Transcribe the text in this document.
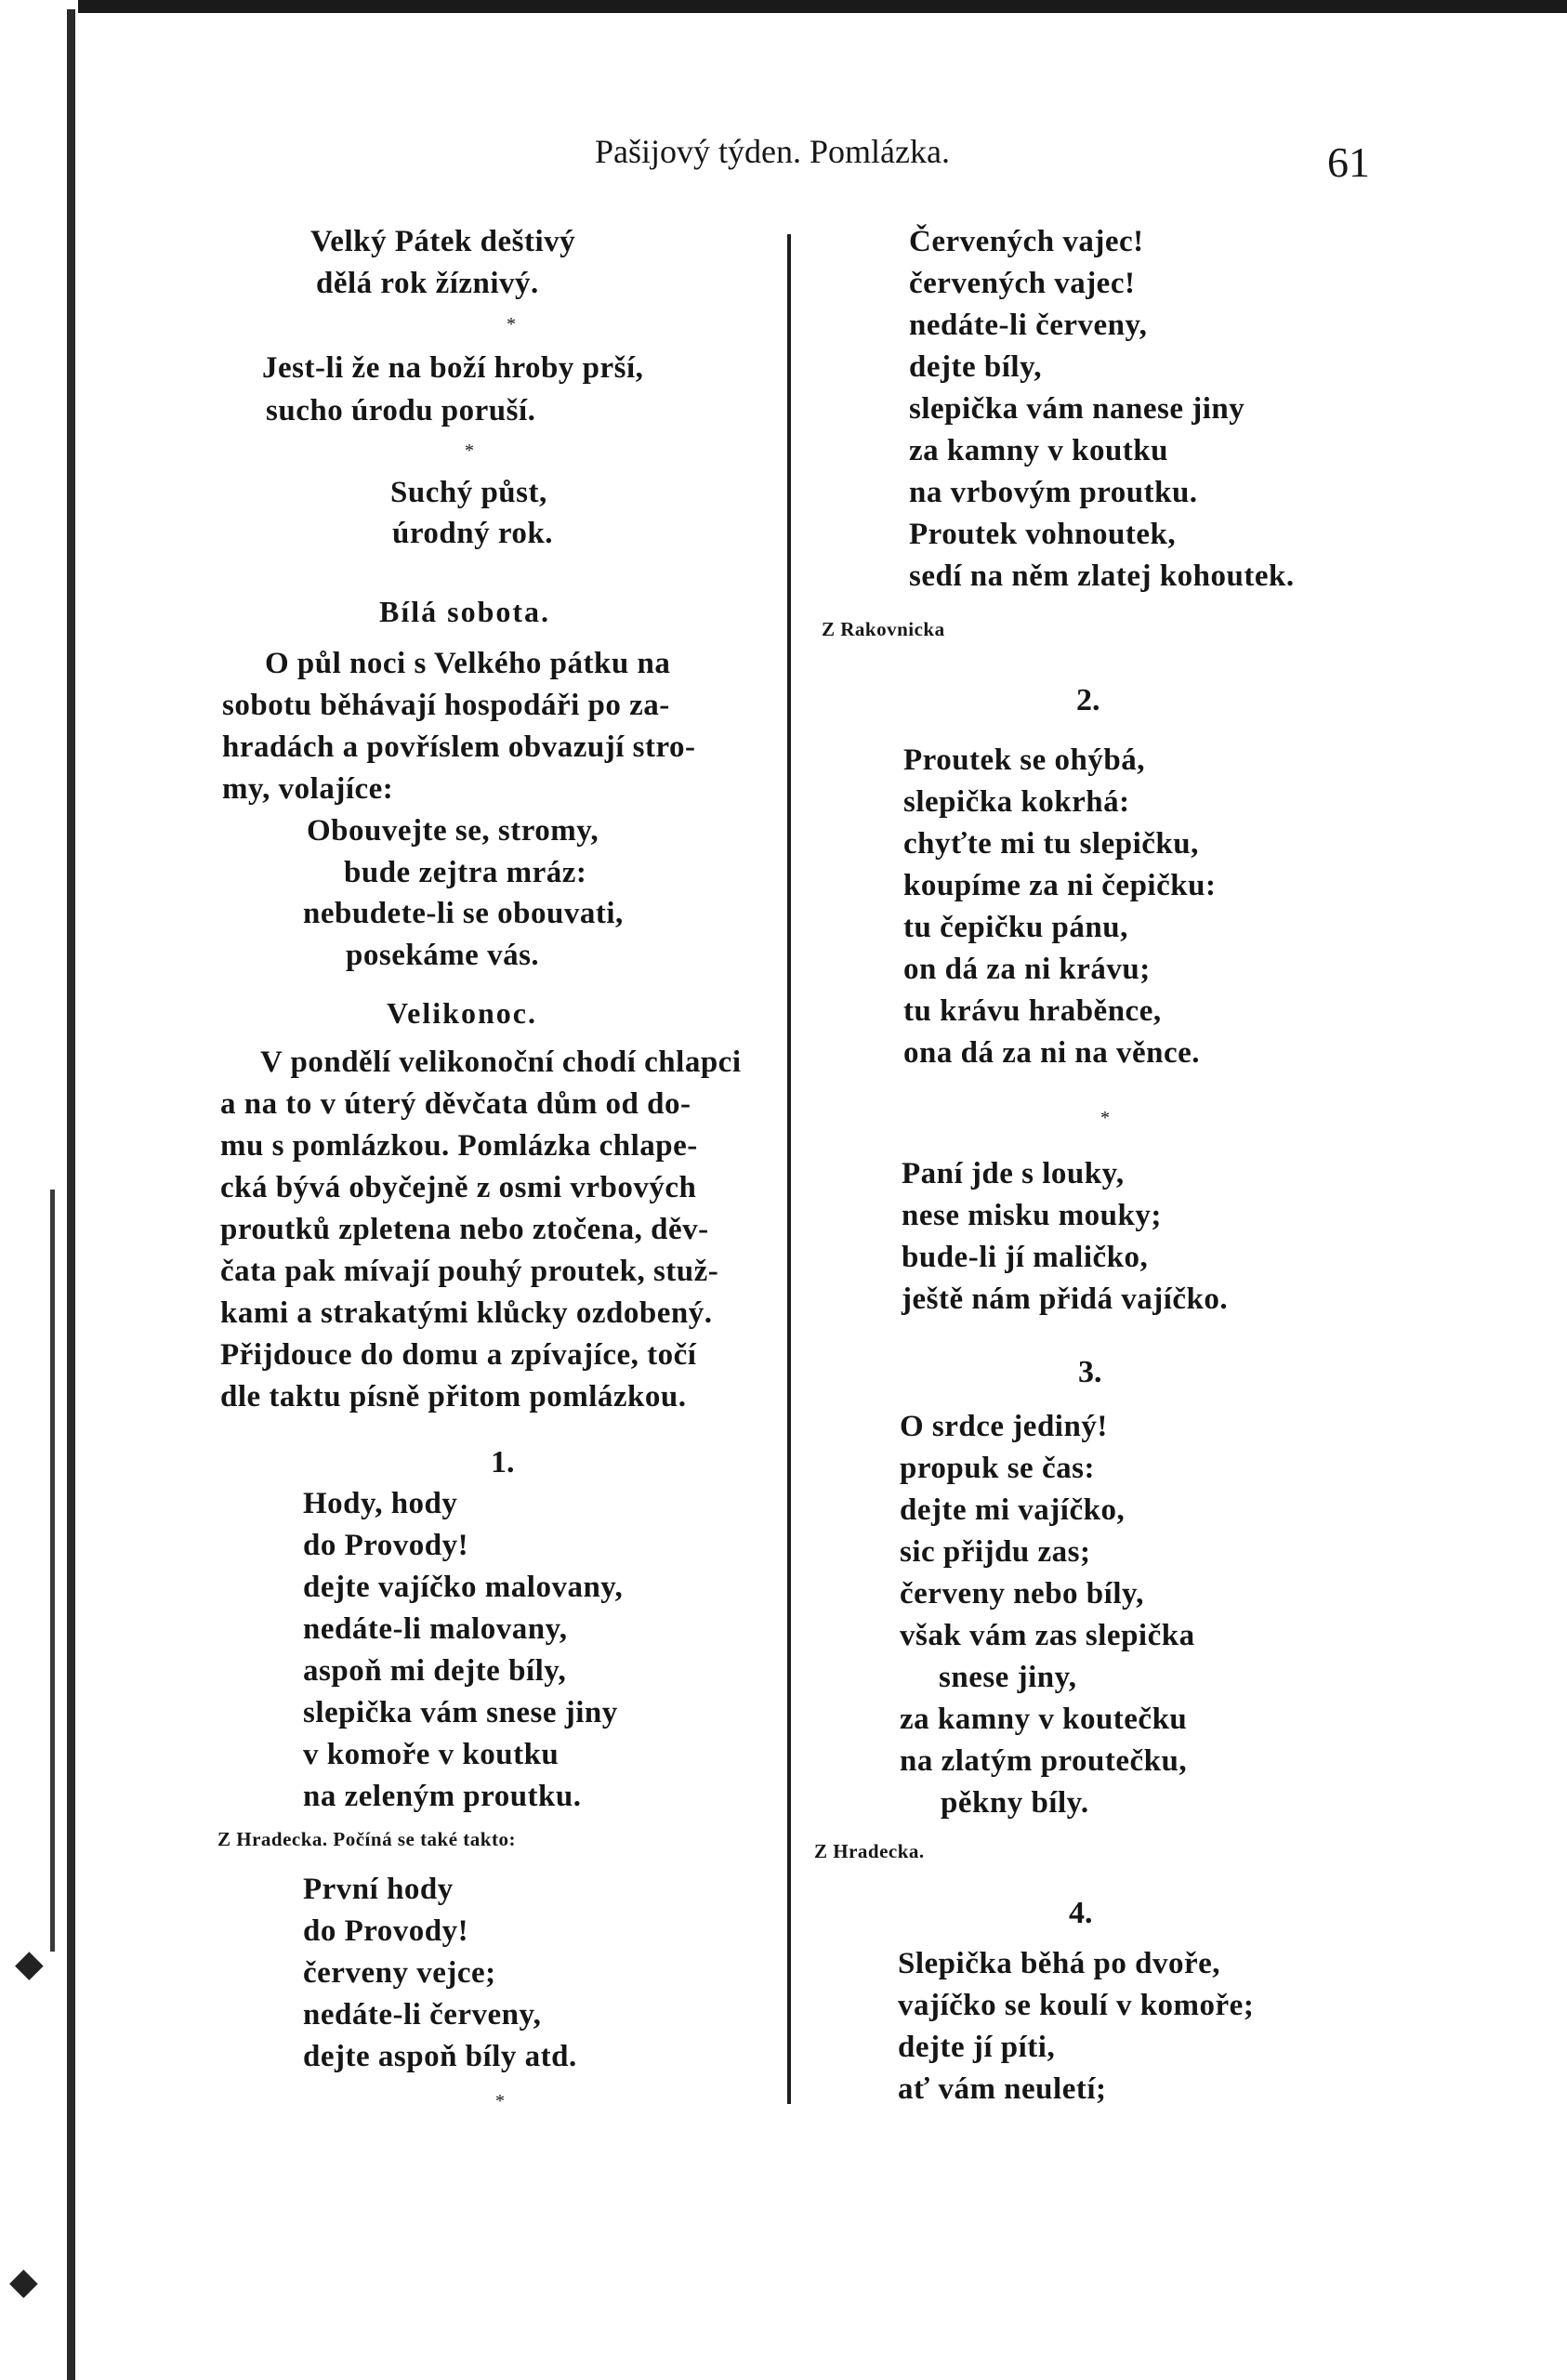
◆
◆
Pašijový týden. Pomlázka.	61
Velký Pátek deštivý
dělá rok žíznivý.
*
Jest-li že na boží hroby prší,
sucho úrodu poruší.
*
Suchý půst,
úrodný rok.
Bílá sobota.
O půl noci s Velkého pátku na
sobotu běhávají hospodáři po za-
hradách a povříslem obvazují stro-
my, volajíce:
Obouvejte se, stromy,
bude zejtra mráz:
nebudete-li se obouvati,
posekáme vás.
Velikonoc.
V pondělí velikonoční chodí chlapci
a na to v úterý děvčata dům od do-
mu s pomlázkou. Pomlázka chlape-
cká bývá obyčejně z osmi vrbových
proutků zpletena nebo ztočena, děv-
čata pak mívají pouhý proutek, stuž-
kami a strakatými klůcky ozdobený.
Přijdouce do domu a zpívajíce, točí
dle taktu písně přitom pomlázkou.
1.
Hody, hody
do Provody!
dejte vajíčko malovany,
nedáte-li malovany,
aspoň mi dejte bíly,
slepička vám snese jiny
v komoře v koutku
na zeleným proutku.
Z Hradecka. Počíná se také takto:
První hody
do Provody!
červeny vejce;
nedáte-li červeny,
dejte aspoň bíly atd.
*
Červených vajec!
červených vajec!
nedáte-li červeny,
dejte bíly,
slepička vám nanese jiny
za kamny v koutku
na vrbovým proutku.
Proutek vohnoutek,
sedí na něm zlatej kohoutek.
Z Rakovnicka
2.
Proutek se ohýbá,
slepička kokrhá:
chyťte mi tu slepičku,
koupíme za ni čepičku:
tu čepičku pánu,
on dá za ni krávu;
tu krávu hraběnce,
ona dá za ni na věnce.
*
Paní jde s louky,
nese misku mouky;
bude-li jí maličko,
ještě nám přidá vajíčko.
3.
O srdce jediný!
propuk se čas:
dejte mi vajíčko,
sic přijdu zas;
červeny nebo bíly,
však vám zas slepička
snese jiny,
za kamny v koutečku
na zlatým proutečku,
pěkny bíly.
Z Hradecka.
4.
Slepička běhá po dvoře,
vajíčko se koulí v komoře;
dejte jí píti,
ať vám neuletí;
